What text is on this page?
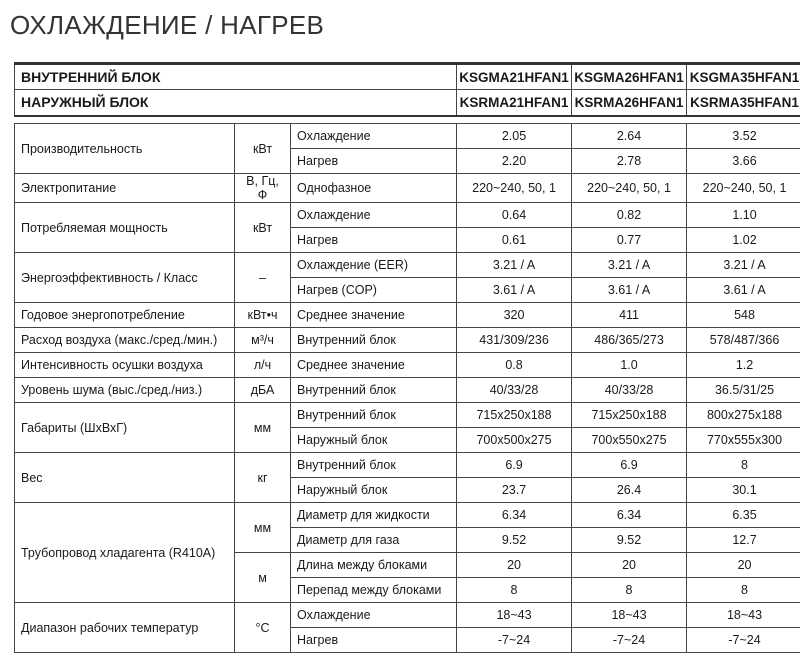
ОХЛАЖДЕНИЕ / НАГРЕВ
ВНУТРЕННИЙ БЛОК			KSGMA21HFAN1	KSGMA26HFAN1	KSGMA35HFAN1
НАРУЖНЫЙ БЛОК			KSRMA21HFAN1	KSRMA26HFAN1	KSRMA35HFAN1

Производительность	кВт	Охлаждение	2.05	2.64	3.52
		Нагрев	2.20	2.78	3.66
Электропитание	В, Гц, Ф	Однофазное	220~240, 50, 1	220~240, 50, 1	220~240, 50, 1
Потребляемая мощность	кВт	Охлаждение	0.64	0.82	1.10
		Нагрев	0.61	0.77	1.02
Энергоэффективность / Класс	–	Охлаждение (EER)	3.21 / A	3.21 / A	3.21 / A
		Нагрев (COP)	3.61 / A	3.61 / A	3.61 / A
Годовое энергопотребление	кВт•ч	Среднее значение	320	411	548
Расход воздуха (макс./сред./мин.)	м³/ч	Внутренний блок	431/309/236	486/365/273	578/487/366
Интенсивность осушки воздуха	л/ч	Среднее значение	0.8	1.0	1.2
Уровень шума (выс./сред./низ.)	дБА	Внутренний блок	40/33/28	40/33/28	36.5/31/25
Габариты (ШхВхГ)	мм	Внутренний блок	715x250x188	715x250x188	800x275x188
		Наружный блок	700x500x275	700x550x275	770x555x300
Вес	кг	Внутренний блок	6.9	6.9	8
		Наружный блок	23.7	26.4	30.1
Трубопровод хладагента (R410A)	мм	Диаметр для жидкости	6.34	6.34	6.35
		Диаметр для газа	9.52	9.52	12.7
	м	Длина между блоками	20	20	20
		Перепад между блоками	8	8	8
Диапазон рабочих температур	°С	Охлаждение	18~43	18~43	18~43
		Нагрев	-7~24	-7~24	-7~24
